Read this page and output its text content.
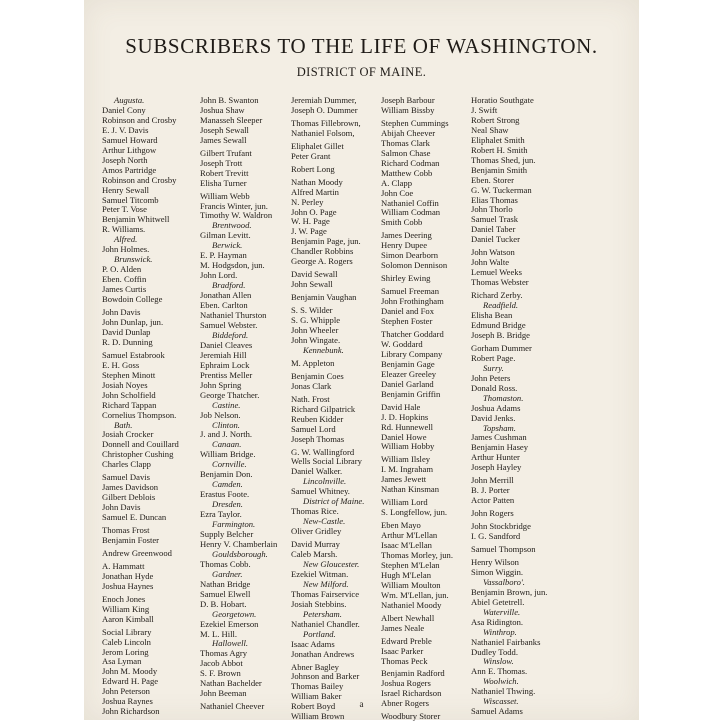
SUBSCRIBERS TO THE LIFE OF WASHINGTON.
DISTRICT OF MAINE.
Augusta.
Daniel Cony
Robinson and Crosby
E. J. V. Davis
Samuel Howard
Arthur Lithgow
Joseph North
Amos Partridge
Robinson and Crosby
Henry Sewall
Samuel Titcomb
Peter T. Vose
Benjamin Whitwell
R. Williams.
Alfred.
John Holmes.
Brunswick.
P. O. Alden
Eben. Coffin
James Curtis
Bowdoin College
John Davis
John Dunlap, jun.
David Dunlap
R. D. Dunning
Samuel Estabrook
E. H. Goss
Stephen Minott
Josiah Noyes
John Scholfield
Richard Tappan
Cornelius Thompson.
Bath.
Josiah Crocker
Donnell and Couillard
Christopher Cushing
Charles Clapp
Samuel Davis
James Davidson
Gilbert Deblois
John Davis
Samuel E. Duncan
Thomas Frost
Benjamin Foster
Andrew Greenwood
A. Hammatt
Jonathan Hyde
Joshua Haynes
Enoch Jones
William King
Aaron Kimball
Social Library
Caleb Lincoln
Jerom Loring
Asa Lyman
John M. Moody
Edward H. Page
John Peterson
Joshua Raynes
John Richardson
John B. Swanton
Joshua Shaw
Manasseh Sleeper
Joseph Sewall
James Sewall
Gilbert Trufant
Joseph Trott
Robert Trevitt
Elisha Turner
William Webb
Francis Winter, jun.
Timothy W. Waldron
Brentwood.
Gilman Levitt.
Berwick.
E. P. Hayman
M. Hodgsdon, jun.
John Lord.
Bradford.
Jonathan Allen
Eben. Carlton
Nathaniel Thurston
Samuel Webster.
Biddeford.
Daniel Cleaves
Jeremiah Hill
Ephraim Lock
Prentiss Meller
John Spring
George Thatcher.
Castine.
Job Nelson.
Clinton.
J. and J. North.
Canaan.
William Bridge.
Cornville.
Benjamin Don.
Camden.
Erastus Foote.
Dresden.
Ezra Taylor.
Farmington.
Supply Belcher
Henry V. Chamberlain
Gouldsborough.
Thomas Cobb.
Gardner.
Nathan Bridge
Samuel Elwell
D. B. Hobart.
Georgetown.
Ezekiel Emerson
M. L. Hill.
Hallowell.
Thomas Agry
Jacob Abbot
S. F. Brown
Nathan Bachelder
John Beeman
Nathaniel Cheever
Jeremiah Dummer,
Joseph O. Dummer
Thomas Fillebrown,
Nathaniel Folsom,
Eliphalet Gillet
Peter Grant
Robert Long
Nathan Moody
Alfred Martin
N. Perley
John O. Page
W. H. Page
J. W. Page
Benjamin Page, jun.
Chandler Robbins
George A. Rogers
David Sewall
John Sewall
Benjamin Vaughan
S. S. Wilder
S. G. Whipple
John Wheeler
John Wingate.
Kennebunk.
M. Appleton
Benjamin Coes
Jonas Clark
Nath. Frost
Richard Gilpatrick
Reuben Kidder
Samuel Lord
Joseph Thomas
G. W. Wallingford
Wells Social Library
Daniel Walker.
Lincolnville.
Samuel Whitney.
District of Maine.
Thomas Rice.
New-Castle.
Oliver Gridley
David Murray
Caleb Marsh.
New Gloucester.
Ezekiel Witman.
New Milford.
Thomas Fairservice
Josiah Stebbins.
Petersham.
Nathaniel Chandler.
Portland.
Isaac Adams
Jonathan Andrews
Abner Bagley
Johnson and Barker
Thomas Bailey
William Baker
Robert Boyd
William Brown
Joseph Barbour
William Bissby
Stephen Cummings
Abijah Cheever
Thomas Clark
Salmon Chase
Richard Codman
Matthew Cobb
A. Clapp
John Coe
Nathaniel Coffin
William Codman
Smith Cobb
James Deering
Henry Dupee
Simon Dearborn
Solomon Dennison
Shirley Ewing
Samuel Freeman
John Frothingham
Daniel and Fox
Stephen Foster
Thatcher Goddard
W. Goddard
Library Company
Benjamin Gage
Eleazer Greeley
Daniel Garland
Benjamin Griffin
David Hale
J. D. Hopkins
Rd. Hunnewell
Daniel Howe
William Hobby
William Ilsley
I. M. Ingraham
James Jewett
Nathan Kinsman
William Lord
S. Longfellow, jun.
Eben Mayo
Arthur M'Lellan
Isaac M'Lellan
Thomas Morley, jun.
Stephen M'Lelan
Hugh M'Lelan
William Moulton
Wm. M'Lellan, jun.
Nathaniel Moody
Albert Newhall
James Neale
Edward Preble
Isaac Parker
Thomas Peck
Benjamin Radford
Joshua Rogers
Israel Richardson
Abner Rogers
Woodbury Storer
Horatio Southgate
J. Swift
Robert Strong
Neal Shaw
Eliphalet Smith
Robert H. Smith
Thomas Shed, jun.
Benjamin Smith
Eben. Storer
G. W. Tuckerman
Elias Thomas
John Thorlo
Samuel Trask
Daniel Taber
Daniel Tucker
John Watson
John Walte
Lemuel Weeks
Thomas Webster
Richard Zerby.
Readfield.
Elisha Bean
Edmund Bridge
Joseph B. Bridge
Gorham Dummer
Robert Page.
Surry.
John Peters
Donald Ross.
Thomaston.
Joshua Adams
David Jenks.
Topsham.
James Cushman
Benjamin Hasey
Arthur Hunter
Joseph Hayley
John Merrill
B. J. Porter
Actor Patten
John Rogers
John Stockbridge
I. G. Sandford
Samuel Thompson
Henry Wilson
Simon Wiggin.
Vassalboro'.
Benjamin Brown, jun.
Abiel Getetrell.
Waterville.
Asa Ridington.
Winthrop.
Nathaniel Fairbanks
Dudley Todd.
Winslow.
Ann E. Thomas.
Woolwich.
Nathaniel Thwing.
Wiscasset.
Samuel Adams
a
